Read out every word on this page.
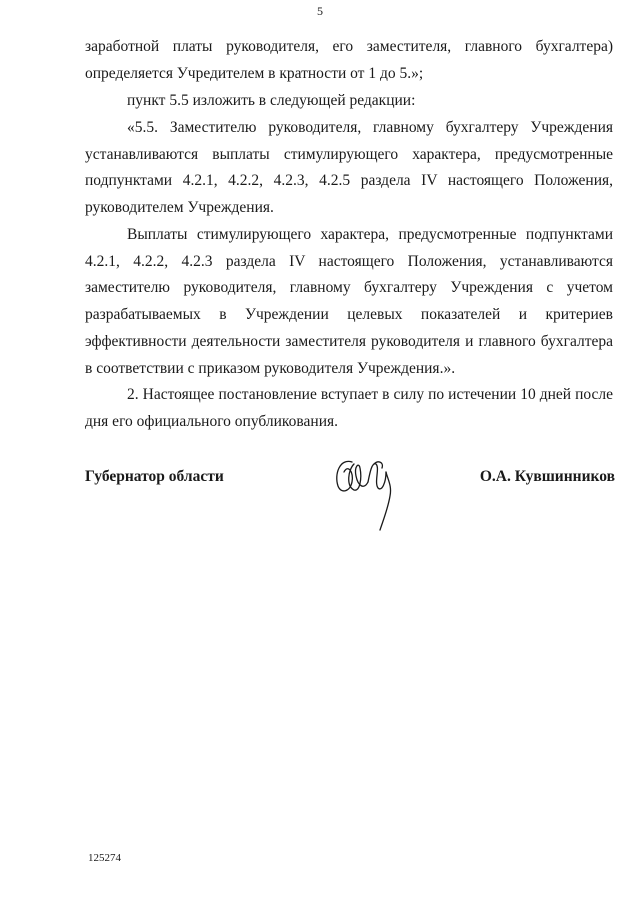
5

заработной платы руководителя, его заместителя, главного бухгалтера) определяется Учредителем в кратности от 1 до 5.»;

пункт 5.5 изложить в следующей редакции:

«5.5. Заместителю руководителя, главному бухгалтеру Учреждения устанавливаются выплаты стимулирующего характера, предусмотренные подпунктами 4.2.1, 4.2.2, 4.2.3, 4.2.5 раздела IV настоящего Положения, руководителем Учреждения.

Выплаты стимулирующего характера, предусмотренные подпунктами 4.2.1, 4.2.2, 4.2.3 раздела IV настоящего Положения, устанавливаются заместителю руководителя, главному бухгалтеру Учреждения с учетом разрабатываемых в Учреждении целевых показателей и критериев эффективности деятельности заместителя руководителя и главного бухгалтера в соответствии с приказом руководителя Учреждения.».

2. Настоящее постановление вступает в силу по истечении 10 дней после дня его официального опубликования.

Губернатор области	О.А. Кувшинников
125274
